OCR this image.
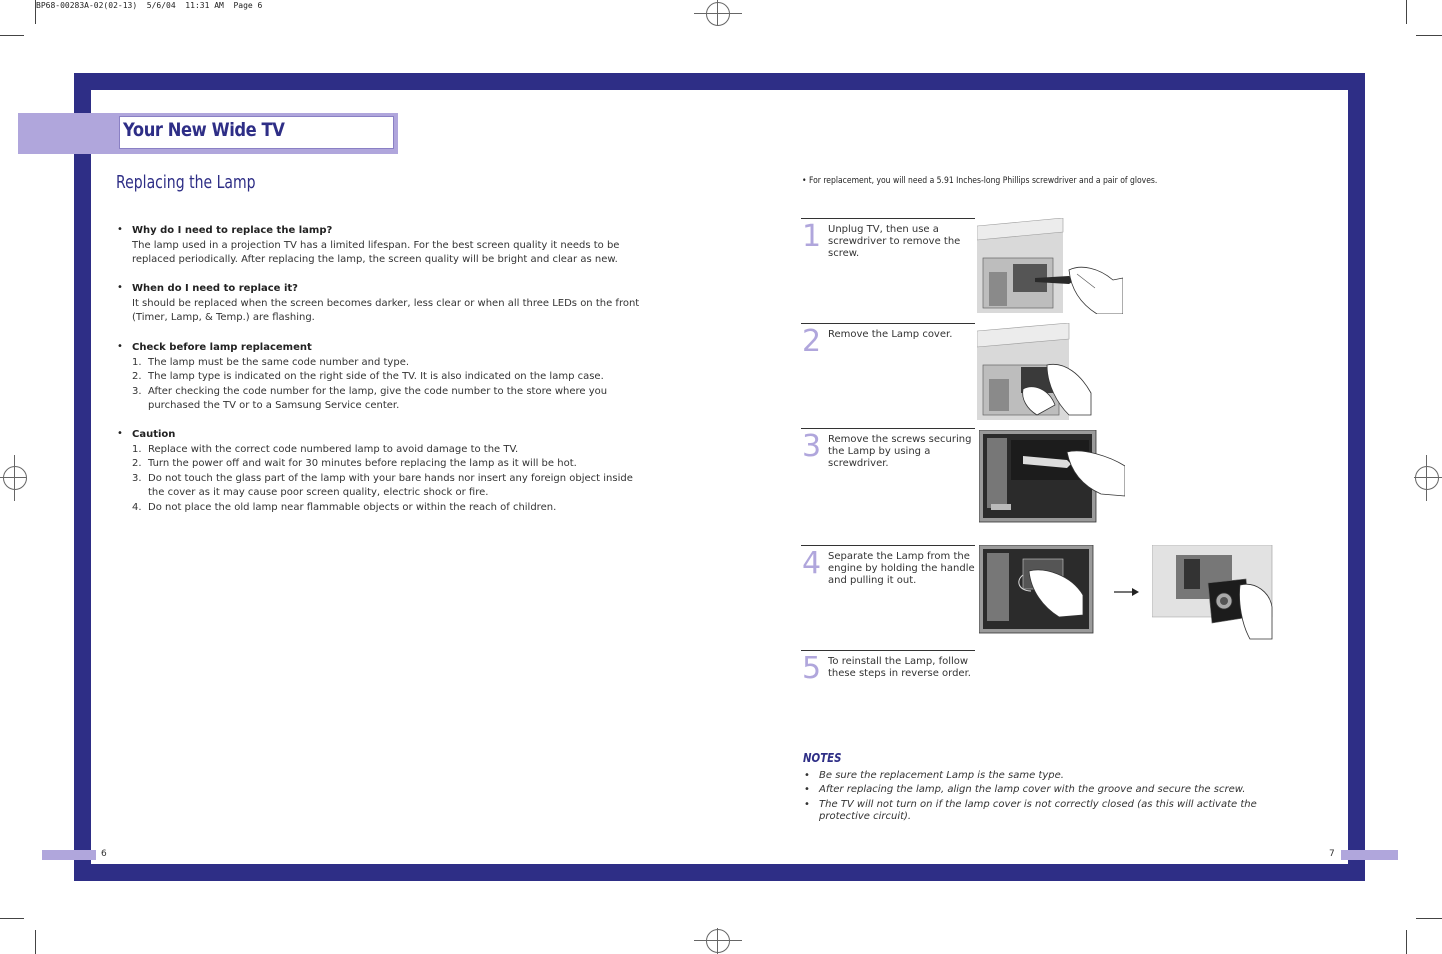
BP68-00283A-02(02-13)  5/6/04  11:31 AM  Page 6
Your New Wide TV
Replacing the Lamp
• Why do I need to replace the lamp?
The lamp used in a projection TV has a limited lifespan. For the best screen quality it needs to be
replaced periodically. After replacing the lamp, the screen quality will be bright and clear as new.
• When do I need to replace it?
It should be replaced when the screen becomes darker, less clear or when all three LEDs on the front
(Timer, Lamp, & Temp.) are flashing.
• Check before lamp replacement
1. The lamp must be the same code number and type.
2. The lamp type is indicated on the right side of the TV. It is also indicated on the lamp case.
3. After checking the code number for the lamp, give the code number to the store where you
purchased the TV or to a Samsung Service center.
• Caution
1. Replace with the correct code numbered lamp to avoid damage to the TV.
2. Turn the power off and wait for 30 minutes before replacing the lamp as it will be hot.
3. Do not touch the glass part of the lamp with your bare hands nor insert any foreign object inside
the cover as it may cause poor screen quality, electric shock or fire.
4. Do not place the old lamp near flammable objects or within the reach of children.
• For replacement, you will need a 5.91 Inches-long Phillips screwdriver and a pair of gloves.
1 Unplug TV, then use a
screwdriver to remove the
screw.
2 Remove the Lamp cover.
3 Remove the screws securing
the Lamp by using a
screwdriver.
4 Separate the Lamp from the
engine by holding the handle
and pulling it out.
5 To reinstall the Lamp, follow
these steps in reverse order.
NOTES
• Be sure the replacement Lamp is the same type.
• After replacing the lamp, align the lamp cover with the groove and secure the screw.
• The TV will not turn on if the lamp cover is not correctly closed (as this will activate the
protective circuit).
6	7
